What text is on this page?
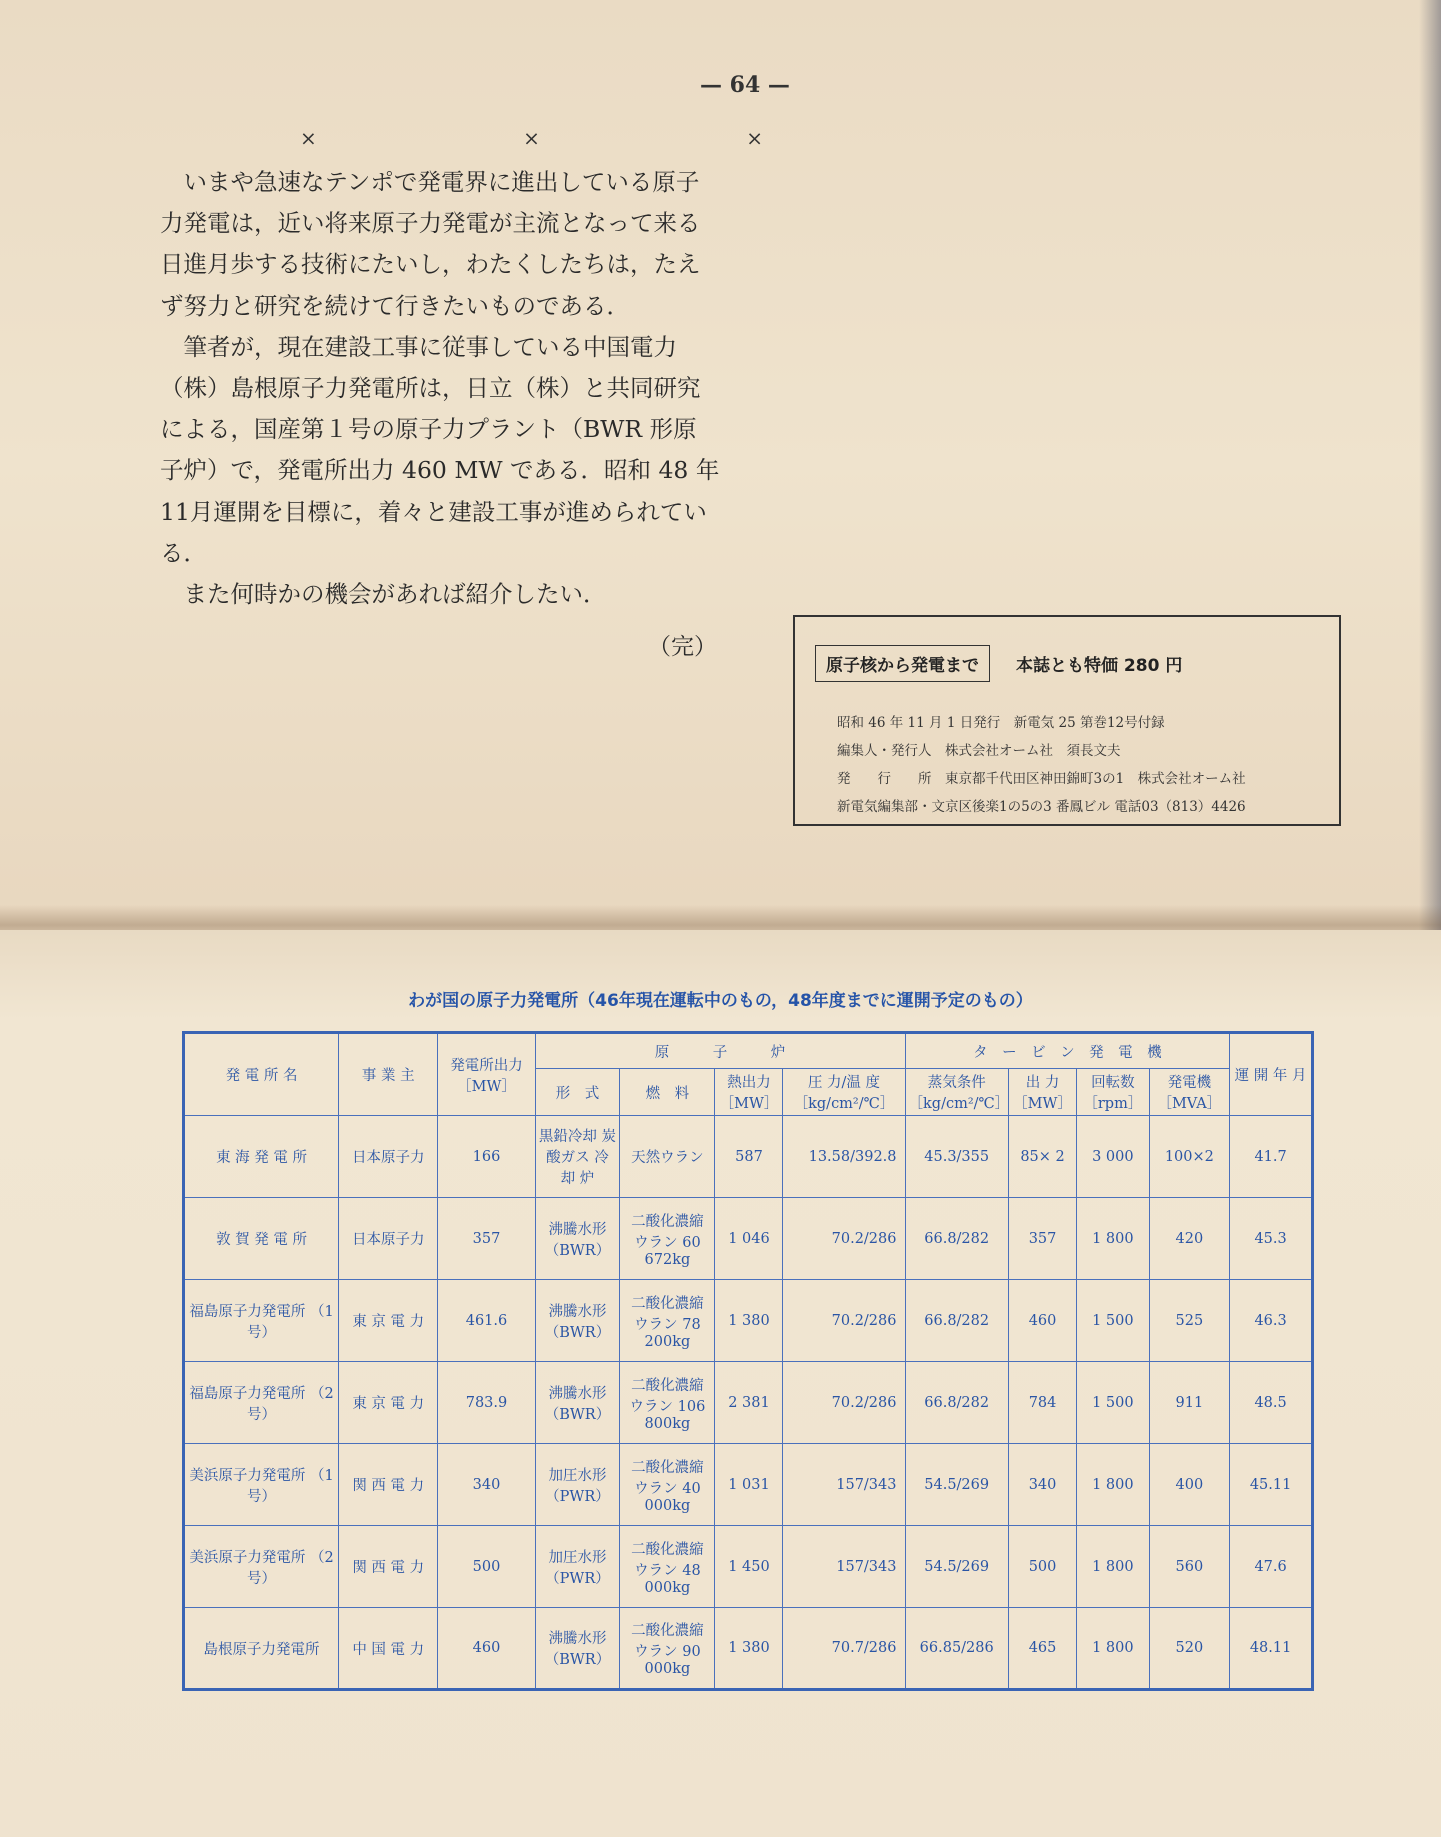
— 64 —
× × ×

いまや急速なテンポで発電界に進出している原子力発電は，近い将来原子力発電が主流となって来る日進月歩する技術にたいし，わたくしたちは，たえず努力と研究を続けて行きたいものである．

筆者が，現在建設工事に従事している中国電力（株）島根原子力発電所は，日立（株）と共同研究による，国産第１号の原子力プラント（BWR 形原子炉）で，発電所出力 460 MW である．昭和 48 年11月運開を目標に，着々と建設工事が進められている．

また何時かの機会があれば紹介したい．

（完）
原子核から発電まで	本誌とも特価 280 円
昭和 46 年 11 月 1 日発行　新電気 25 第巻12号付録
編集人・発行人　株式会社オーム社　須長文夫
発　　行　　所　東京都千代田区神田錦町3の1　株式会社オーム社
新電気編集部・文京区後楽1の5の3 番鳳ビル 電話03（813）4426
わが国の原子力発電所（46年現在運転中のもの，48年度までに運開予定のもの）
発 電 所 名	事 業 主	発電所出力［MW］	原　　　子　　　炉				タ　ー　ビ　ン　発　電　機				運 開 年 月
			形　式	燃　料	熱出力［MW］	圧 力/温 度［kg/cm²/℃］	蒸気条件［kg/cm²/℃］	出 力［MW］	回転数［rpm］	発電機［MVA］	
東 海 発 電 所	日本原子力	166	黒鉛冷却 炭酸ガス 冷 却 炉	天然ウラン	587	13.58/392.8	45.3/355	85× 2	3 000	100×2	41.7
敦 賀 発 電 所	日本原子力	357	沸騰水形 （BWR）	二酸化濃縮 ウラン 60 672kg	1 046	70.2/286	66.8/282	357	1 800	420	45.3
福島原子力発電所 （1号）	東 京 電 力	461.6	沸騰水形 （BWR）	二酸化濃縮 ウラン 78 200kg	1 380	70.2/286	66.8/282	460	1 500	525	46.3
福島原子力発電所 （2号）	東 京 電 力	783.9	沸騰水形 （BWR）	二酸化濃縮 ウラン 106 800kg	2 381	70.2/286	66.8/282	784	1 500	911	48.5
美浜原子力発電所 （1号）	関 西 電 力	340	加圧水形 （PWR）	二酸化濃縮 ウラン 40 000kg	1 031	157/343	54.5/269	340	1 800	400	45.11
美浜原子力発電所 （2号）	関 西 電 力	500	加圧水形 （PWR）	二酸化濃縮 ウラン 48 000kg	1 450	157/343	54.5/269	500	1 800	560	47.6
島根原子力発電所	中 国 電 力	460	沸騰水形 （BWR）	二酸化濃縮 ウラン 90 000kg	1 380	70.7/286	66.85/286	465	1 800	520	48.11
